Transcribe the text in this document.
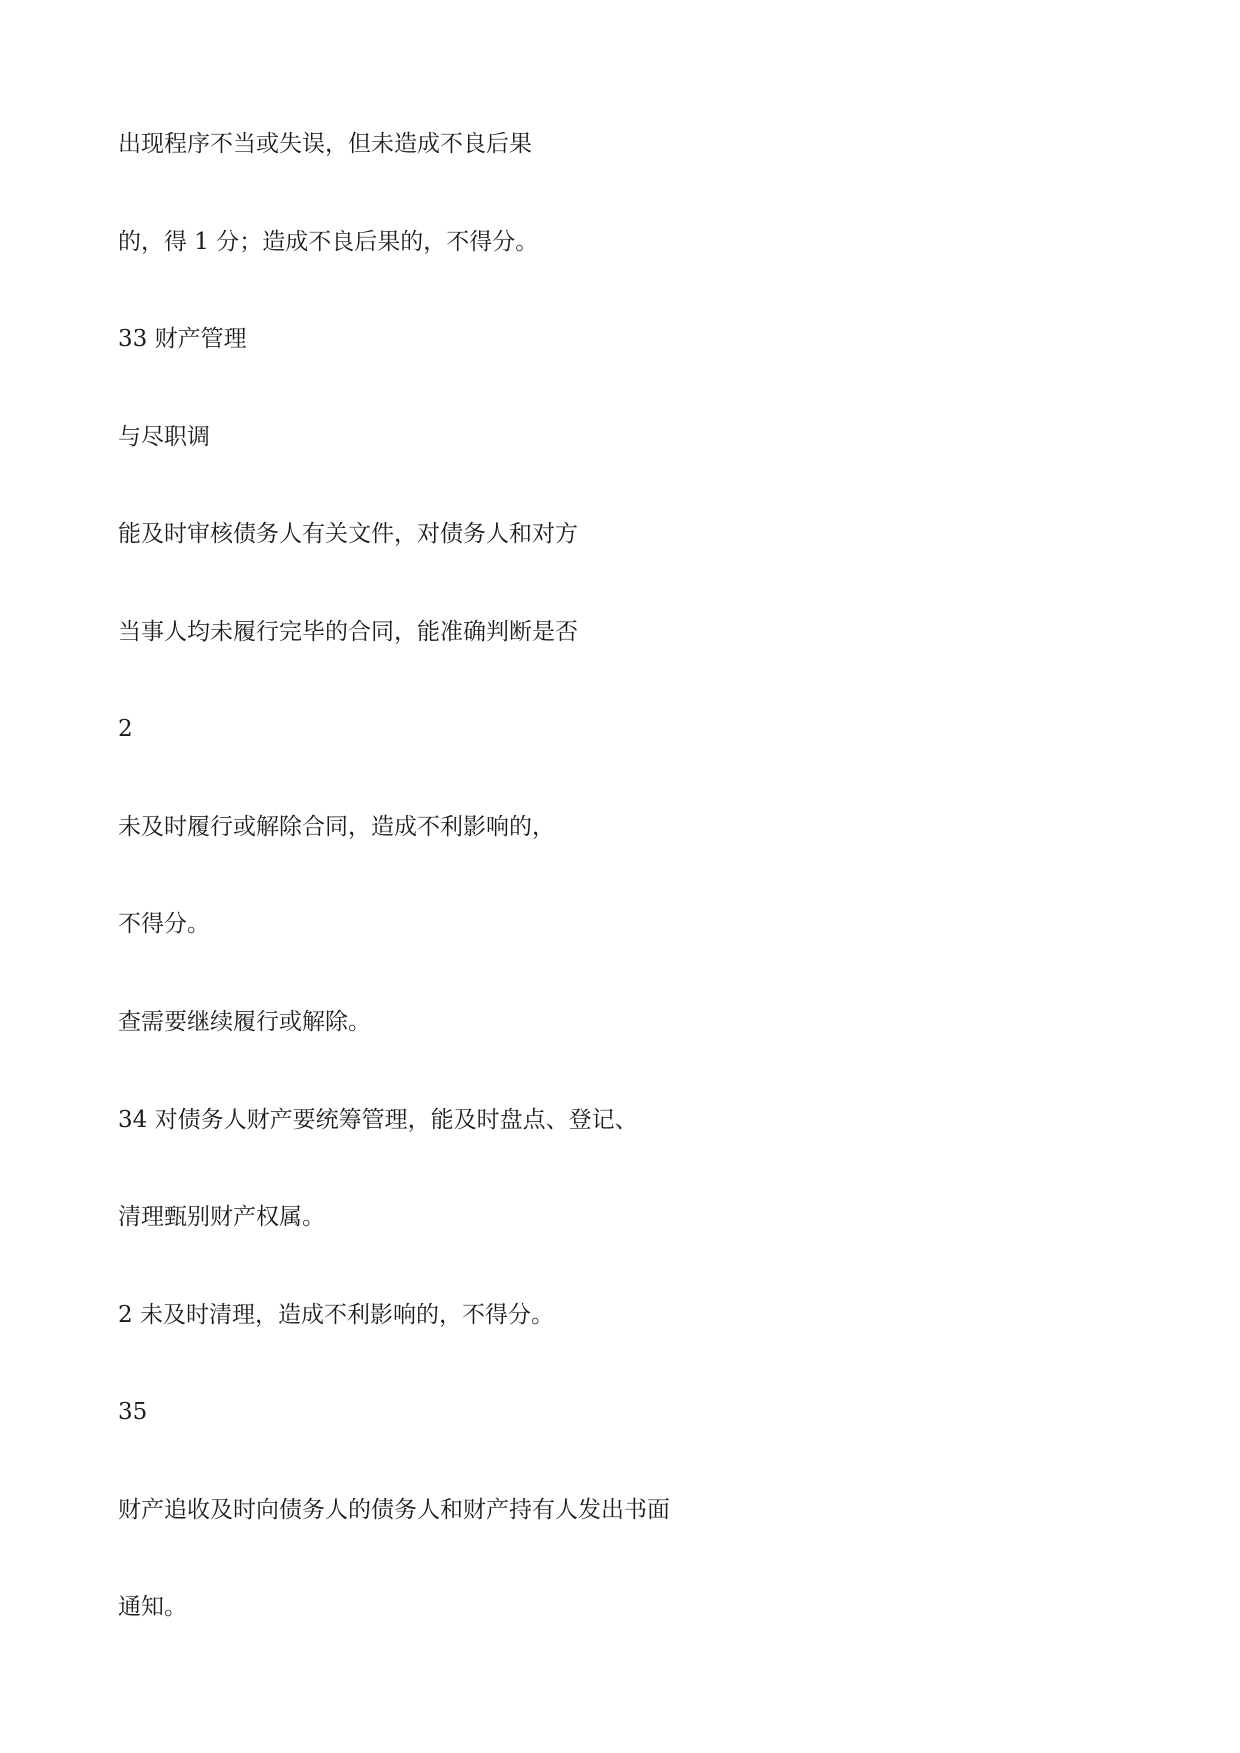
出现程序不当或失误，但未造成不良后果

的，得 1 分；造成不良后果的，不得分。

33 财产管理

与尽职调

能及时审核债务人有关文件，对债务人和对方

当事人均未履行完毕的合同，能准确判断是否

2

未及时履行或解除合同，造成不利影响的，

不得分。

查需要继续履行或解除。

34 对债务人财产要统筹管理，能及时盘点、登记、

清理甄别财产权属。

2 未及时清理，造成不利影响的，不得分。

35

财产追收及时向债务人的债务人和财产持有人发出书面

通知。
